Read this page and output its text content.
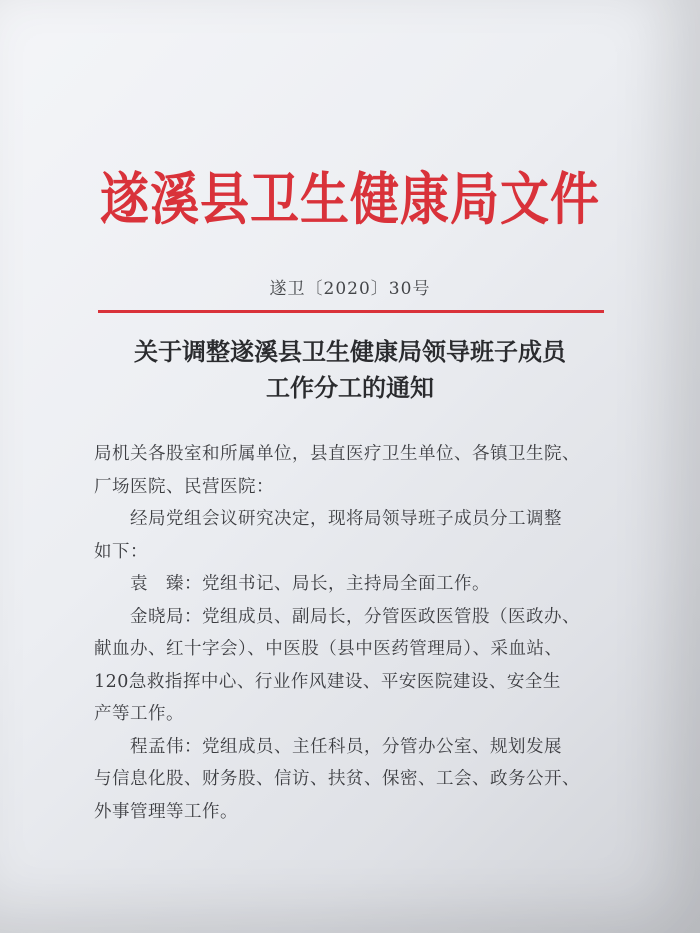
遂溪县卫生健康局文件
遂卫〔2020〕30号
关于调整遂溪县卫生健康局领导班子成员
工作分工的通知
局机关各股室和所属单位，县直医疗卫生单位、各镇卫生院、
厂场医院、民营医院：
经局党组会议研究决定，现将局领导班子成员分工调整
如下：
袁　臻：党组书记、局长，主持局全面工作。
金晓局：党组成员、副局长，分管医政医管股（医政办、
献血办、红十字会）、中医股（县中医药管理局）、采血站、
120急救指挥中心、行业作风建设、平安医院建设、安全生
产等工作。
程孟伟：党组成员、主任科员，分管办公室、规划发展
与信息化股、财务股、信访、扶贫、保密、工会、政务公开、
外事管理等工作。
